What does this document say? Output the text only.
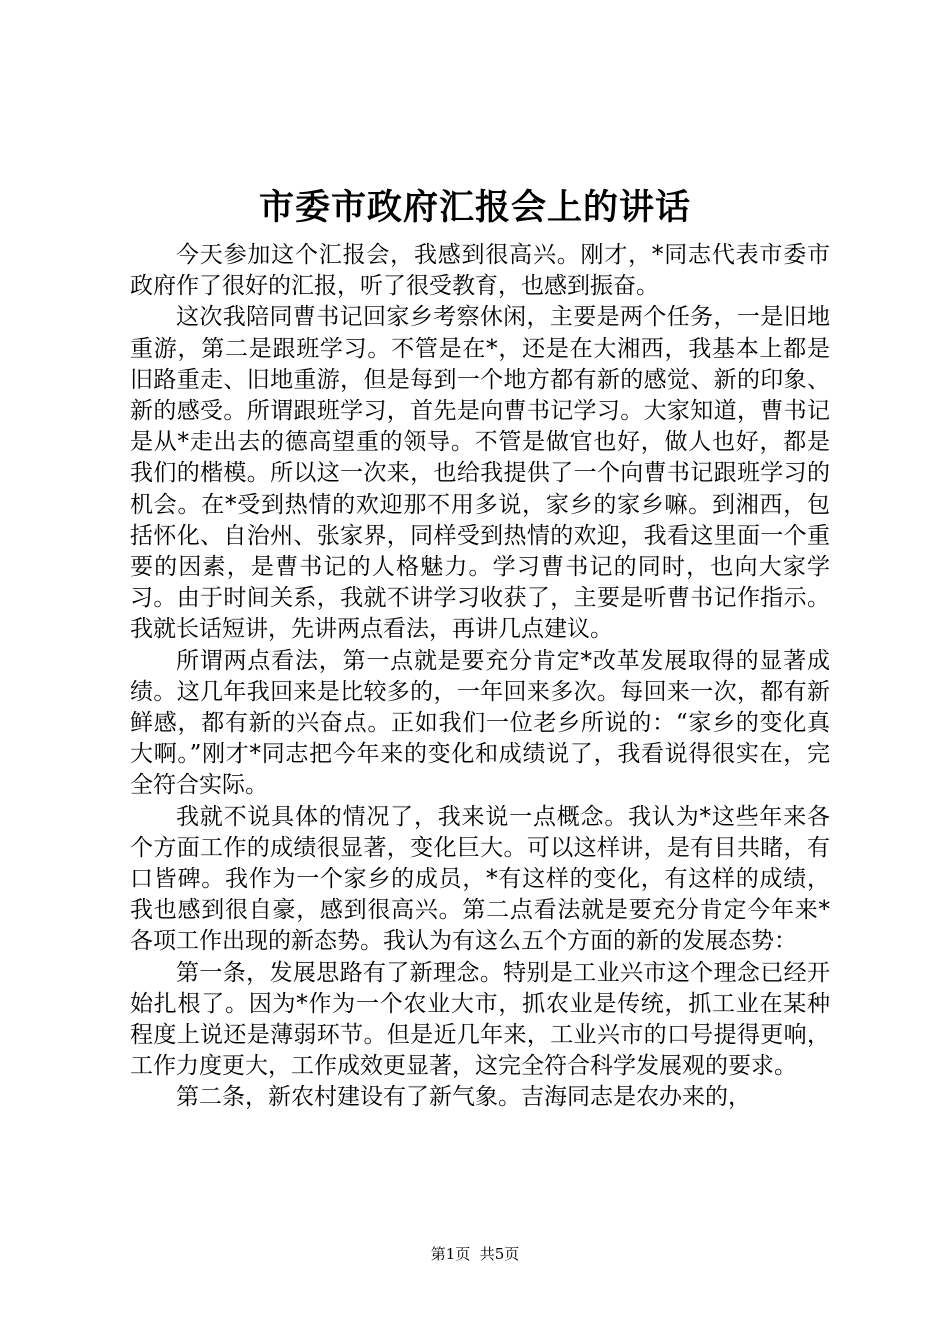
市委市政府汇报会上的讲话

今天参加这个汇报会，我感到很高兴。刚才，*同志代表市委市政府作了很好的汇报，听了很受教育，也感到振奋。

这次我陪同曹书记回家乡考察休闲，主要是两个任务，一是旧地重游，第二是跟班学习。不管是在*，还是在大湘西，我基本上都是旧路重走、旧地重游，但是每到一个地方都有新的感觉、新的印象、新的感受。所谓跟班学习，首先是向曹书记学习。大家知道，曹书记是从*走出去的德高望重的领导。不管是做官也好，做人也好，都是我们的楷模。所以这一次来，也给我提供了一个向曹书记跟班学习的机会。在*受到热情的欢迎那不用多说，家乡的家乡嘛。到湘西，包括怀化、自治州、张家界，同样受到热情的欢迎，我看这里面一个重要的因素，是曹书记的人格魅力。学习曹书记的同时，也向大家学习。由于时间关系，我就不讲学习收获了，主要是听曹书记作指示。我就长话短讲，先讲两点看法，再讲几点建议。

所谓两点看法，第一点就是要充分肯定*改革发展取得的显著成绩。这几年我回来是比较多的，一年回来多次。每回来一次，都有新鲜感，都有新的兴奋点。正如我们一位老乡所说的：“家乡的变化真大啊。”刚才*同志把今年来的变化和成绩说了，我看说得很实在，完全符合实际。

我就不说具体的情况了，我来说一点概念。我认为*这些年来各个方面工作的成绩很显著，变化巨大。可以这样讲，是有目共睹，有口皆碑。我作为一个家乡的成员，*有这样的变化，有这样的成绩，我也感到很自豪，感到很高兴。第二点看法就是要充分肯定今年来*各项工作出现的新态势。我认为有这么五个方面的新的发展态势：

第一条，发展思路有了新理念。特别是工业兴市这个理念已经开始扎根了。因为*作为一个农业大市，抓农业是传统，抓工业在某种程度上说还是薄弱环节。但是近几年来，工业兴市的口号提得更响，工作力度更大，工作成效更显著，这完全符合科学发展观的要求。

第二条，新农村建设有了新气象。吉海同志是农办来的，

第1页  共5页
